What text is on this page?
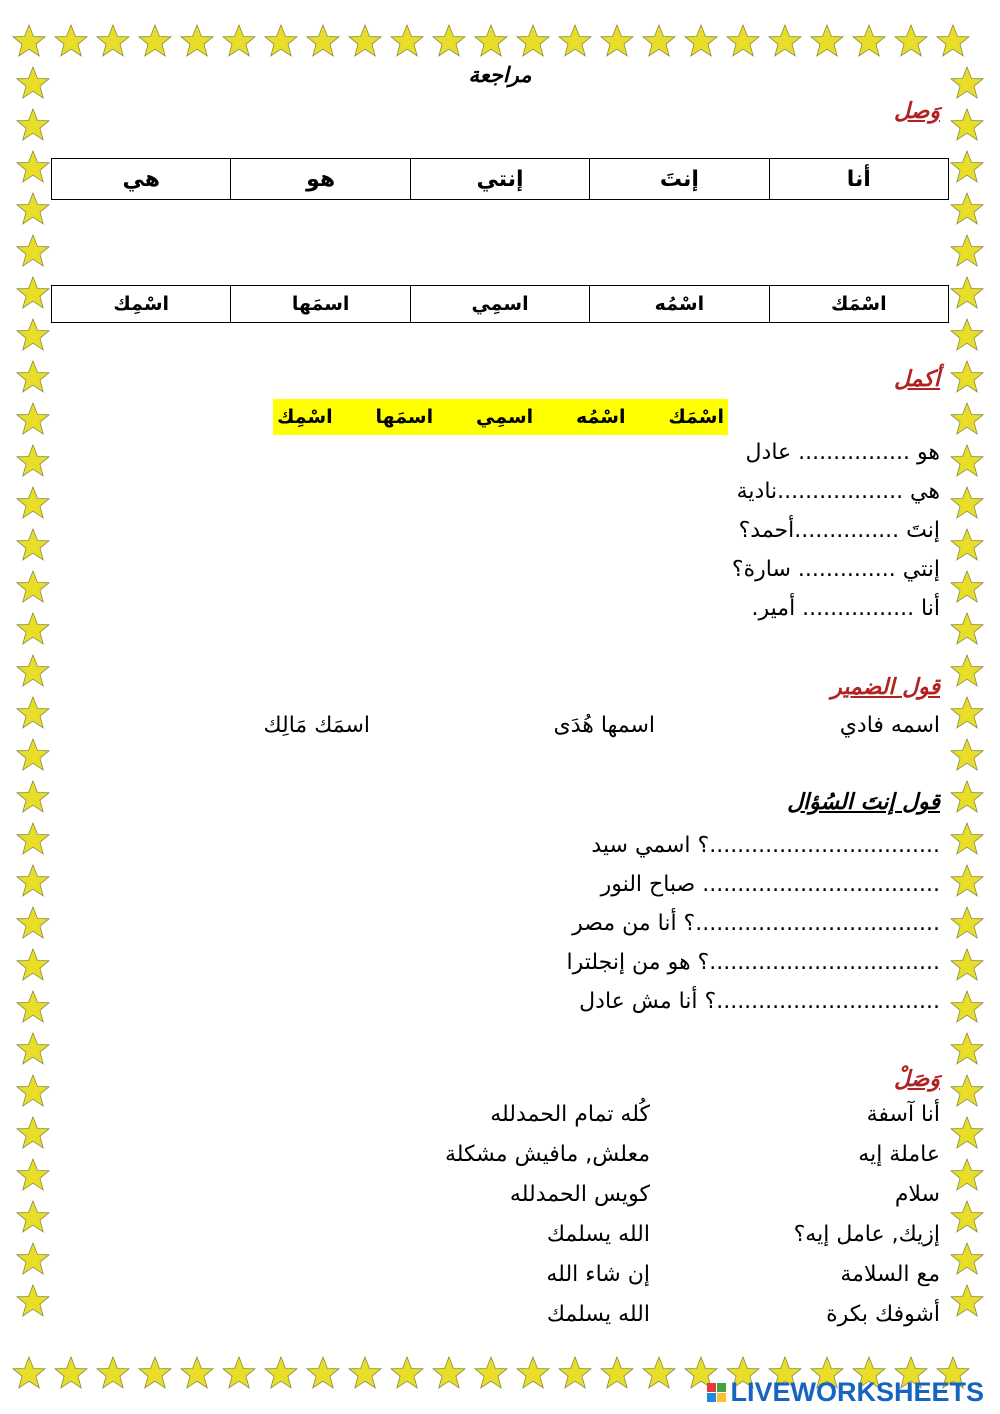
مراجعة
وَصل
أنا	إنتَ	إنتي	هو	هي
اسْمَك	اسْمُه	اسمِي	اسمَها	اسْمِك
أكمل
اسْمَك
اسْمُه
اسمِي
اسمَها
اسْمِك
هو ................ عادل
هي ..................نادية
إنتَ ...............أحمد؟
إنتي .............. سارة؟
أنا ................ أمير.
قول الضمير
اسمه فادي
اسمها هُدَى
اسمَك مَالِك
قول إنتَ السُؤال
.................................؟ اسمي سيد
.................................. صباح النور
...................................؟ أنا من مصر
.................................؟ هو من إنجلترا
................................؟ أنا مش عادل
وَصَلْ
أنا آسفة
عاملة إيه
سلام
إزيك, عامل إيه؟
مع السلامة
أشوفك بكرة
كُله تمام الحمدلله
معلش, مافيش مشكلة
كويس الحمدلله
الله يسلمك
إن شاء الله
الله يسلمك
LIVEWORKSHEETS
